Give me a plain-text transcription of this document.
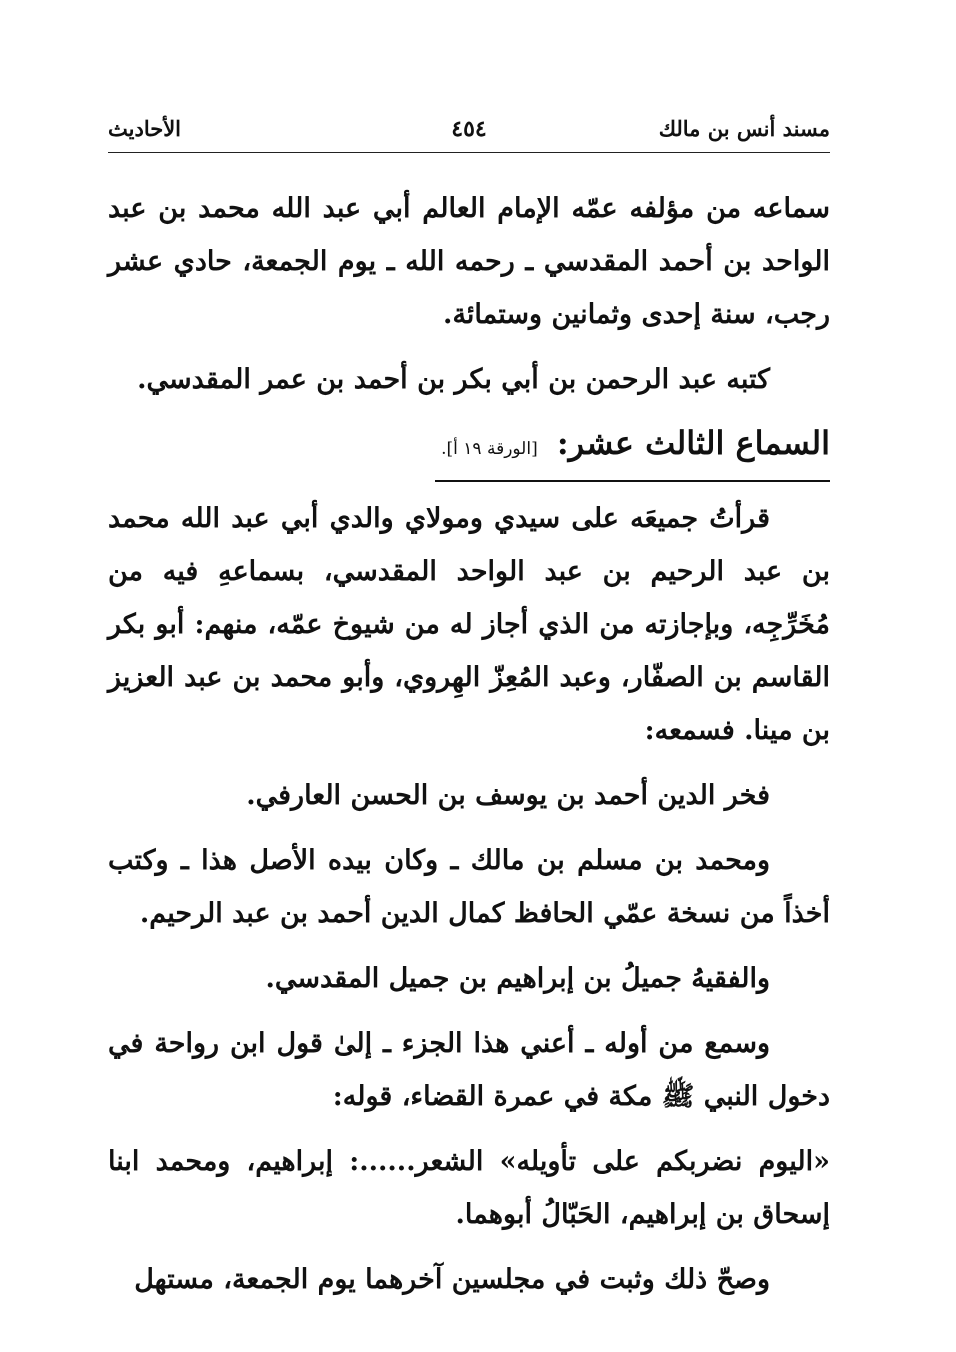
مسند أنس بن مالك
٤٥٤
الأحاديث

سماعه من مؤلفه عمّه الإمام العالم أبي عبد الله محمد بن عبد الواحد بن أحمد المقدسي ـ رحمه الله ـ يوم الجمعة، حادي عشر رجب، سنة إحدى وثمانين وستمائة.

كتبه عبد الرحمن بن أبي بكر بن أحمد بن عمر المقدسي.

السماع الثالث عشر: [الورقة ١٩ أ].

قرأتُ جميعَه على سيدي ومولاي والدي أبي عبد الله محمد بن عبد الرحيم بن عبد الواحد المقدسي، بسماعهِ فيه من مُخَرِّجِه، وبإجازته من الذي أجاز له من شيوخ عمّه، منهم: أبو بكر القاسم بن الصفّار، وعبد المُعِزّ الهِروي، وأبو محمد بن عبد العزيز بن مينا. فسمعه:

فخر الدين أحمد بن يوسف بن الحسن العارفي.

ومحمد بن مسلم بن مالك ـ وكان بيده الأصل هذا ـ وكتب أخذاً من نسخة عمّي الحافظ كمال الدين أحمد بن عبد الرحيم.

والفقيهُ جميلُ بن إبراهيم بن جميل المقدسي.

وسمع من أوله ـ أعني هذا الجزء ـ إلىٰ قول ابن رواحة في دخول النبي ﷺ مكة في عمرة القضاء، قوله:

«اليوم نضربكم على تأويله» الشعر......: إبراهيم، ومحمد ابنا إسحاق بن إبراهيم، الحَبّالُ أبوهما.

وصحّ ذلك وثبت في مجلسين آخرهما يوم الجمعة، مستهل
